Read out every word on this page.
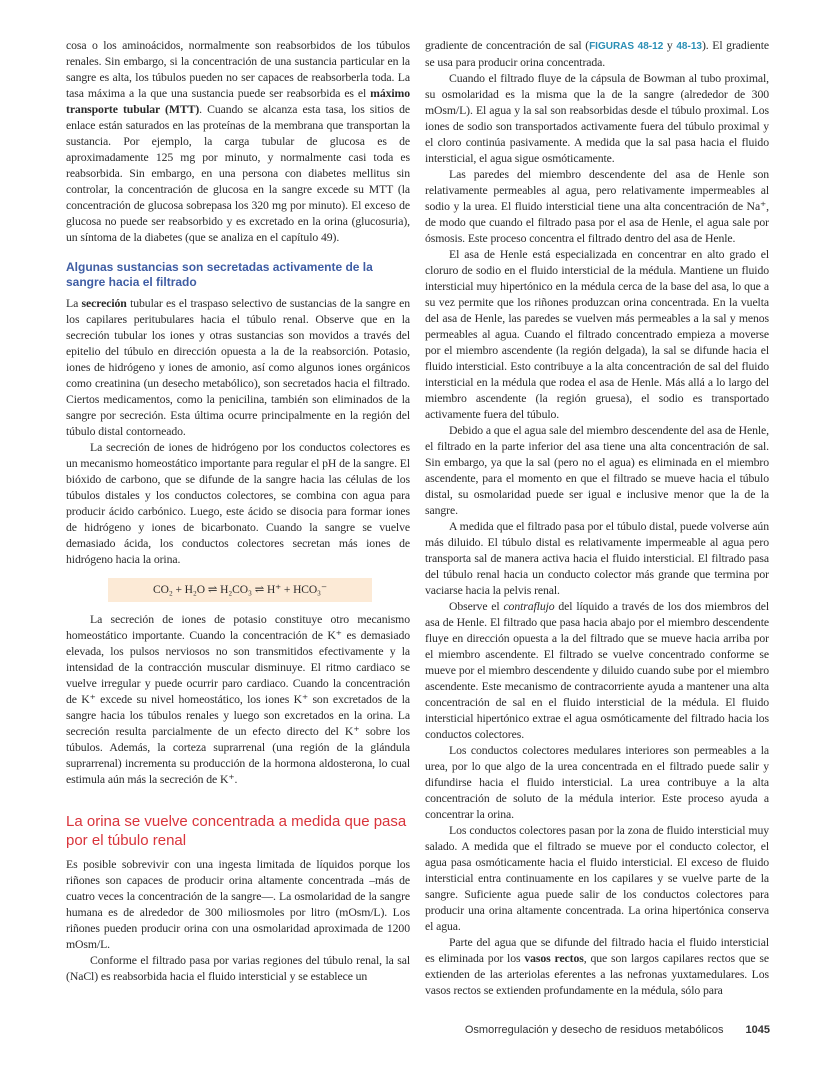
cosa o los aminoácidos, normalmente son reabsorbidos de los túbulos renales. Sin embargo, si la concentración de una sustancia particular en la sangre es alta, los túbulos pueden no ser capaces de reabsorberla toda. La tasa máxima a la que una sustancia puede ser reabsorbida es el máximo transporte tubular (MTT). Cuando se alcanza esta tasa, los sitios de enlace están saturados en las proteínas de la membrana que transportan la sustancia. Por ejemplo, la carga tubular de glucosa es de aproximadamente 125 mg por minuto, y normalmente casi toda es reabsorbida. Sin embargo, en una persona con diabetes mellitus sin controlar, la concentración de glucosa en la sangre excede su MTT (la concentración de glucosa sobrepasa los 320 mg por minuto). El exceso de glucosa no puede ser reabsorbido y es excretado en la orina (glucosuria), un síntoma de la diabetes (que se analiza en el capítulo 49).

Algunas sustancias son secretadas activamente de la sangre hacia el filtrado

La secreción tubular es el traspaso selectivo de sustancias de la sangre en los capilares peritubulares hacia el túbulo renal. Observe que en la secreción tubular los iones y otras sustancias son movidos a través del epitelio del túbulo en dirección opuesta a la de la reabsorción. Potasio, iones de hidrógeno y iones de amonio, así como algunos iones orgánicos como creatinina (un desecho metabólico), son secretados hacia el filtrado. Ciertos medicamentos, como la penicilina, también son eliminados de la sangre por secreción. Esta última ocurre principalmente en la región del túbulo distal contorneado.

La secreción de iones de hidrógeno por los conductos colectores es un mecanismo homeostático importante para regular el pH de la sangre. El bióxido de carbono, que se difunde de la sangre hacia las células de los túbulos distales y los conductos colectores, se combina con agua para producir ácido carbónico. Luego, este ácido se disocia para formar iones de hidrógeno y iones de bicarbonato. Cuando la sangre se vuelve demasiado ácida, los conductos colectores secretan más iones de hidrógeno hacia la orina.

CO₂ + H₂O ⇌ H₂CO₃ ⇌ H⁺ + HCO₃⁻

La secreción de iones de potasio constituye otro mecanismo homeostático importante. Cuando la concentración de K⁺ es demasiado elevada, los pulsos nerviosos no son transmitidos efectivamente y la intensidad de la contracción muscular disminuye. El ritmo cardiaco se vuelve irregular y puede ocurrir paro cardiaco. Cuando la concentración de K⁺ excede su nivel homeostático, los iones K⁺ son excretados de la sangre hacia los túbulos renales y luego son excretados en la orina. La secreción resulta parcialmente de un efecto directo del K⁺ sobre los túbulos. Además, la corteza suprarrenal (una región de la glándula suprarrenal) incrementa su producción de la hormona aldosterona, lo cual estimula aún más la secreción de K⁺.

La orina se vuelve concentrada a medida que pasa por el túbulo renal

Es posible sobrevivir con una ingesta limitada de líquidos porque los riñones son capaces de producir orina altamente concentrada –más de cuatro veces la concentración de la sangre—. La osmolaridad de la sangre humana es de alrededor de 300 miliosmoles por litro (mOsm/L). Los riñones pueden producir orina con una osmolaridad aproximada de 1200 mOsm/L.

Conforme el filtrado pasa por varias regiones del túbulo renal, la sal (NaCl) es reabsorbida hacia el fluido intersticial y se establece un

gradiente de concentración de sal (FIGURAS 48-12 y 48-13). El gradiente se usa para producir orina concentrada.

Cuando el filtrado fluye de la cápsula de Bowman al tubo proximal, su osmolaridad es la misma que la de la sangre (alrededor de 300 mOsm/L). El agua y la sal son reabsorbidas desde el túbulo proximal. Los iones de sodio son transportados activamente fuera del túbulo proximal y el cloro continúa pasivamente. A medida que la sal pasa hacia el fluido intersticial, el agua sigue osmóticamente.

Las paredes del miembro descendente del asa de Henle son relativamente permeables al agua, pero relativamente impermeables al sodio y la urea. El fluido intersticial tiene una alta concentración de Na⁺, de modo que cuando el filtrado pasa por el asa de Henle, el agua sale por ósmosis. Este proceso concentra el filtrado dentro del asa de Henle.

El asa de Henle está especializada en concentrar en alto grado el cloruro de sodio en el fluido intersticial de la médula. Mantiene un fluido intersticial muy hipertónico en la médula cerca de la base del asa, lo que a su vez permite que los riñones produzcan orina concentrada. En la vuelta del asa de Henle, las paredes se vuelven más permeables a la sal y menos permeables al agua. Cuando el filtrado concentrado empieza a moverse por el miembro ascendente (la región delgada), la sal se difunde hacia el fluido intersticial. Esto contribuye a la alta concentración de sal del fluido intersticial en la médula que rodea el asa de Henle. Más allá a lo largo del miembro ascendente (la región gruesa), el sodio es transportado activamente fuera del túbulo.

Debido a que el agua sale del miembro descendente del asa de Henle, el filtrado en la parte inferior del asa tiene una alta concentración de sal. Sin embargo, ya que la sal (pero no el agua) es eliminada en el miembro ascendente, para el momento en que el filtrado se mueve hacia el túbulo distal, su osmolaridad puede ser igual e inclusive menor que la de la sangre.

A medida que el filtrado pasa por el túbulo distal, puede volverse aún más diluido. El túbulo distal es relativamente impermeable al agua pero transporta sal de manera activa hacia el fluido intersticial. El filtrado pasa del túbulo renal hacia un conducto colector más grande que termina por vaciarse hacia la pelvis renal.

Observe el contraflujo del líquido a través de los dos miembros del asa de Henle. El filtrado que pasa hacia abajo por el miembro descendente fluye en dirección opuesta a la del filtrado que se mueve hacia arriba por el miembro ascendente. El filtrado se vuelve concentrado conforme se mueve por el miembro descendente y diluido cuando sube por el miembro ascendente. Este mecanismo de contracorriente ayuda a mantener una alta concentración de sal en el fluido intersticial de la médula. El fluido intersticial hipertónico extrae el agua osmóticamente del filtrado hacia los conductos colectores.

Los conductos colectores medulares interiores son permeables a la urea, por lo que algo de la urea concentrada en el filtrado puede salir y difundirse hacia el fluido intersticial. La urea contribuye a la alta concentración de soluto de la médula interior. Este proceso ayuda a concentrar la orina.

Los conductos colectores pasan por la zona de fluido intersticial muy salado. A medida que el filtrado se mueve por el conducto colector, el agua pasa osmóticamente hacia el fluido intersticial. El exceso de fluido intersticial entra continuamente en los capilares y se vuelve parte de la sangre. Suficiente agua puede salir de los conductos colectores para producir una orina altamente concentrada. La orina hipertónica conserva el agua.

Parte del agua que se difunde del filtrado hacia el fluido intersticial es eliminada por los vasos rectos, que son largos capilares rectos que se extienden de las arteriolas eferentes a las nefronas yuxtamedulares. Los vasos rectos se extienden profundamente en la médula, sólo para

Osmorregulación y desecho de residuos metabólicos 1045
